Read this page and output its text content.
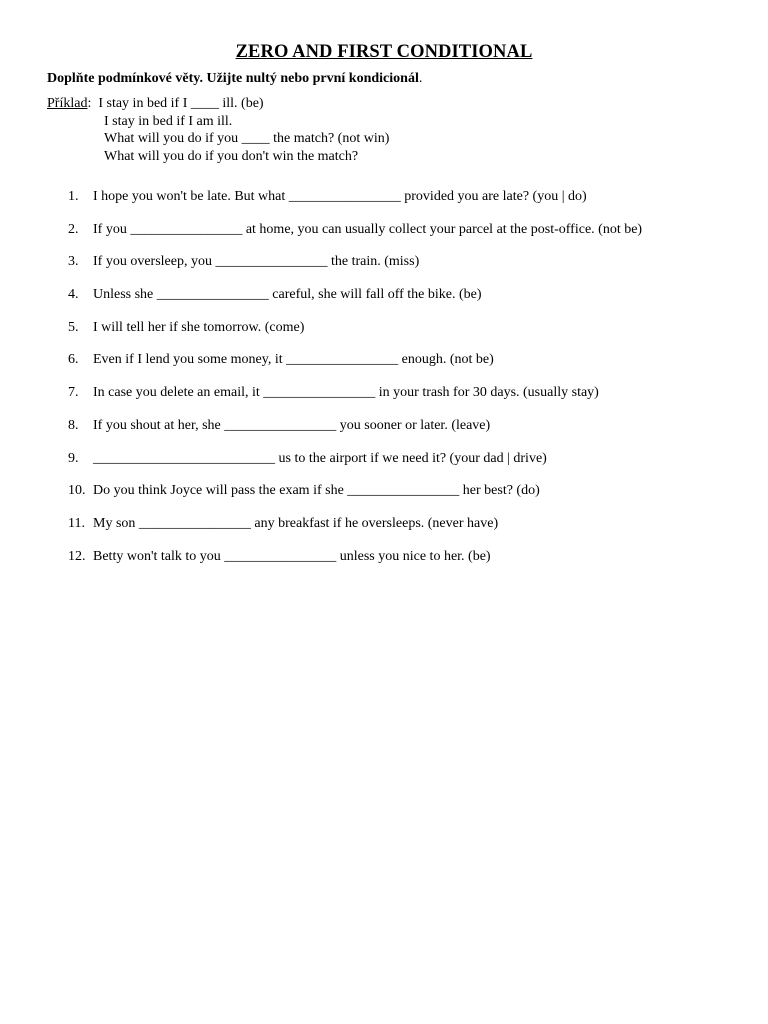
ZERO AND FIRST CONDITIONAL
Doplňte podmínkové věty. Užijte nultý nebo první kondicionál.
Příklad: I stay in bed if I ____ ill. (be)
I stay in bed if I am ill.
What will you do if you ____ the match? (not win)
What will you do if you don't win the match?
1.	I hope you won't be late. But what ________________ provided you are late? (you | do)
2.	If you ________________ at home, you can usually collect your parcel at the post-office. (not be)
3.	If you oversleep, you ________________ the train. (miss)
4.	Unless she ________________ careful, she will fall off the bike. (be)
5.	I will tell her if she tomorrow. (come)
6.	Even if I lend you some money, it ________________ enough. (not be)
7.	In case you delete an email, it ________________ in your trash for 30 days. (usually stay)
8.	If you shout at her, she ________________ you sooner or later. (leave)
9.	__________________________ us to the airport if we need it? (your dad | drive)
10. Do you think Joyce will pass the exam if she ________________ her best? (do)
11. My son ________________ any breakfast if he oversleeps. (never have)
12. Betty won't talk to you ________________ unless you nice to her. (be)
